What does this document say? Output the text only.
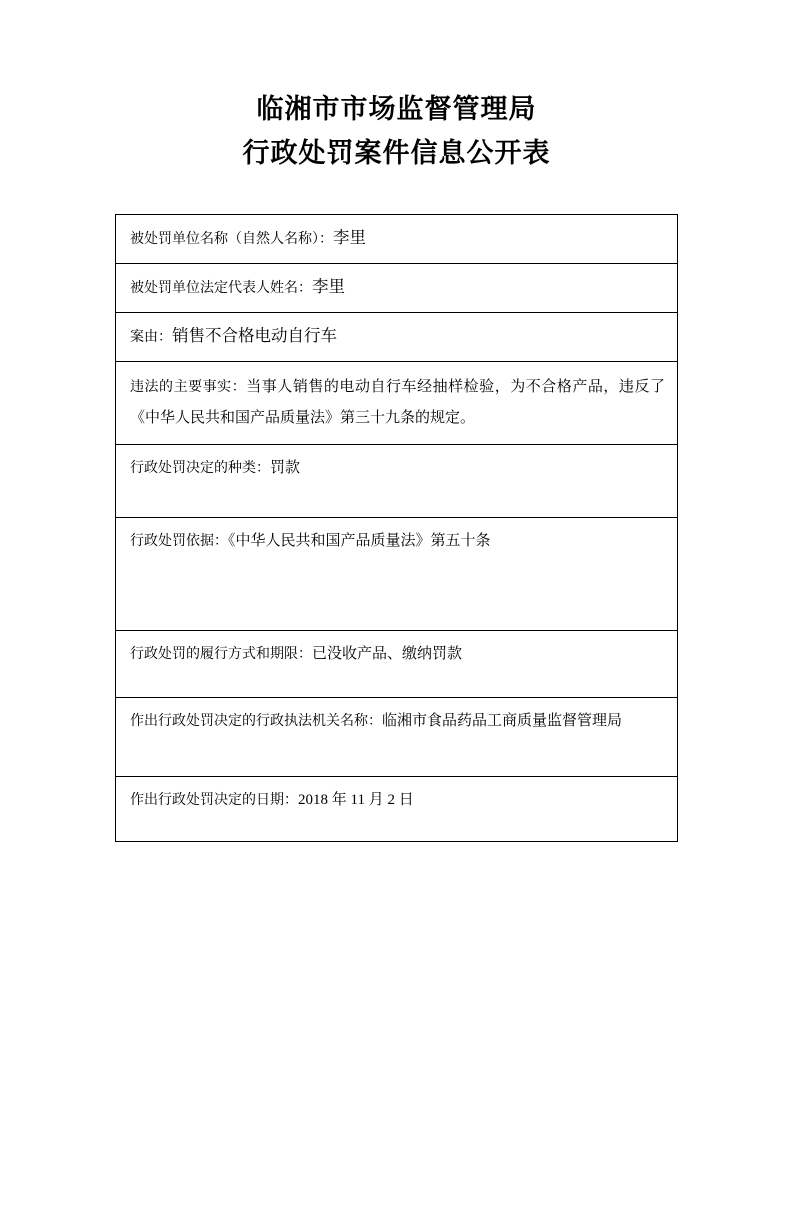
临湘市市场监督管理局
行政处罚案件信息公开表
被处罚单位名称（自然人名称）：李里
被处罚单位法定代表人姓名：李里
案由：销售不合格电动自行车

违法的主要事实：当事人销售的电动自行车经抽样检验，为不合格产品，违反了《中华人民共和国产品质量法》第三十九条的规定。

行政处罚决定的种类：罚款
行政处罚依据：《中华人民共和国产品质量法》第五十条
行政处罚的履行方式和期限：已没收产品、缴纳罚款
作出行政处罚决定的行政执法机关名称：临湘市食品药品工商质量监督管理局
作出行政处罚决定的日期：2018 年 11 月 2 日
